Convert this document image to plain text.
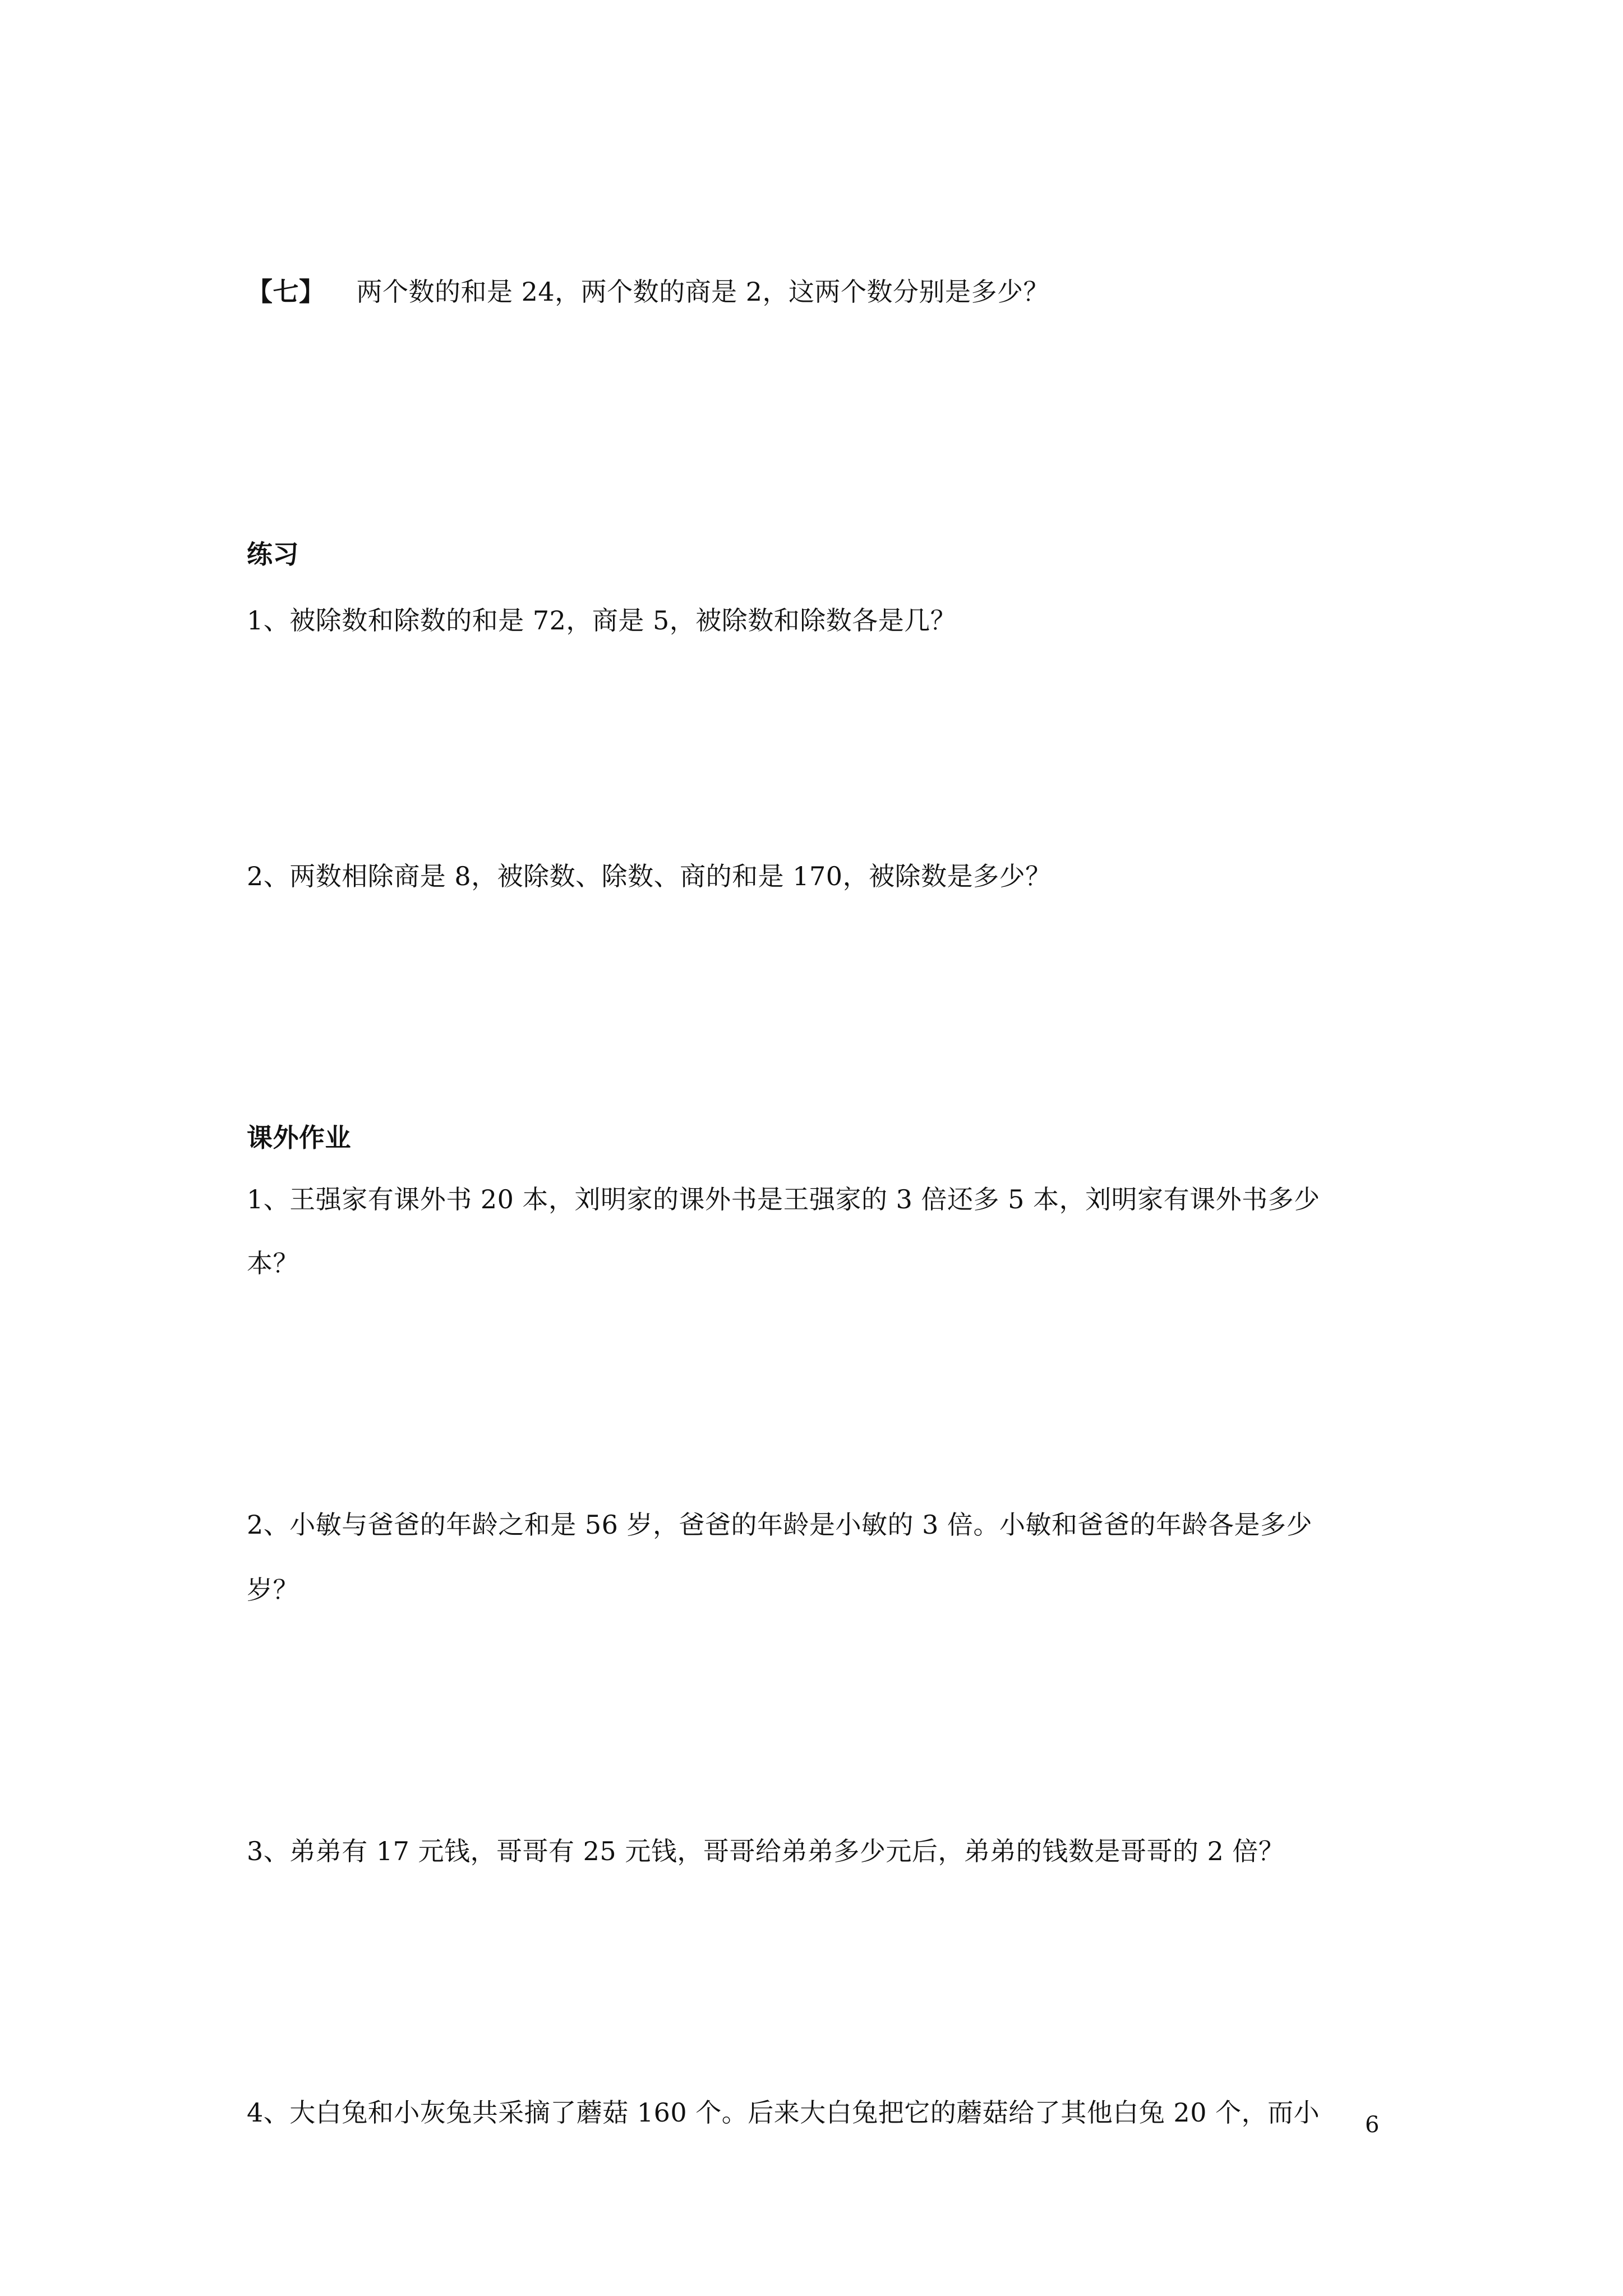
【七】 两个数的和是 24，两个数的商是 2，这两个数分别是多少？
练习
1、被除数和除数的和是 72，商是 5，被除数和除数各是几？
2、两数相除商是 8，被除数、除数、商的和是 170，被除数是多少？
课外作业
1、王强家有课外书 20 本，刘明家的课外书是王强家的 3 倍还多 5 本，刘明家有课外书多少
本？
2、小敏与爸爸的年龄之和是 56 岁，爸爸的年龄是小敏的 3 倍。小敏和爸爸的年龄各是多少
岁？
3、弟弟有 17 元钱，哥哥有 25 元钱，哥哥给弟弟多少元后，弟弟的钱数是哥哥的 2 倍？
4、大白兔和小灰兔共采摘了蘑菇 160 个。后来大白兔把它的蘑菇给了其他白兔 20 个，而小 6
